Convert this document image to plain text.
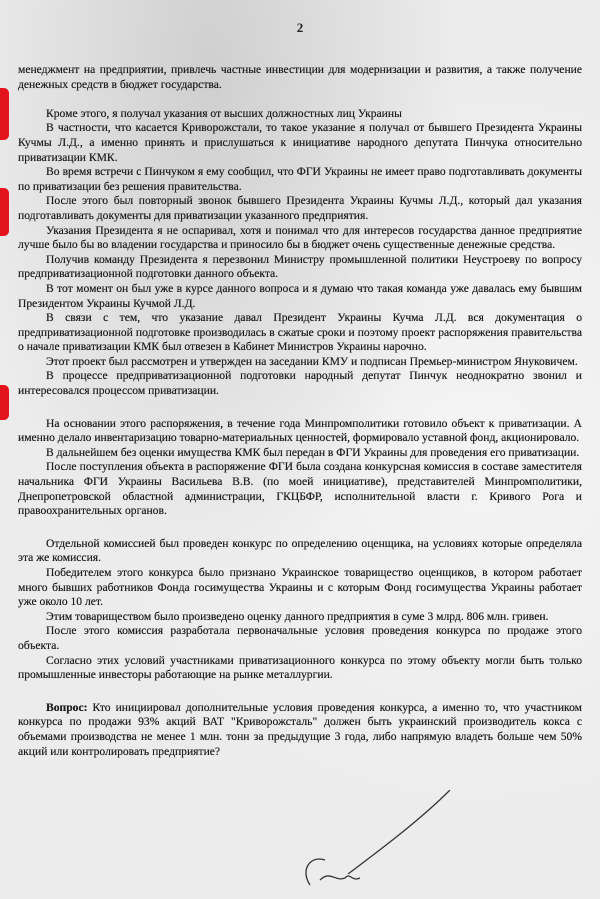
2

менеджмент на предприятии, привлечь частные инвестиции для модернизации и развития, а также получение денежных средств в бюджет государства.

Кроме этого, я получал указания от высших должностных лиц Украины

В частности, что касается Криворожстали, то такое указание я получал от бывшего Президента Украины Кучмы Л.Д., а именно принять и прислушаться к инициативе народного депутата Пинчука относительно приватизации КМК.

Во время встречи с Пинчуком я ему сообщил, что ФГИ Украины не имеет право подготавливать документы по приватизации без решения правительства.

После этого был повторный звонок бывшего Президента Украины Кучмы Л.Д., который дал указания подготавливать документы для приватизации указанного предприятия.

Указания Президента я не оспаривал, хотя и понимал что для интересов государства данное предприятие лучше было бы во владении государства и приносило бы в бюджет очень существенные денежные средства.

Получив команду Президента я перезвонил Министру промышленной политики Неустроеву по вопросу предприватизационной подготовки данного объекта.

В тот момент он был уже в курсе данного вопроса и я думаю что такая команда уже давалась ему бывшим Президентом Украины Кучмой Л.Д.

В связи с тем, что указание давал Президент Украины Кучма Л.Д. вся документация о предприватизационной подготовке производилась в сжатые сроки и поэтому проект распоряжения правительства о начале приватизации КМК был отвезен в Кабинет Министров Украины нарочно.

Этот проект был рассмотрен и утвержден на заседании КМУ и подписан Премьер-министром Януковичем.

В процессе предприватизационной подготовки народный депутат Пинчук неоднократно звонил и интересовался процессом приватизации.

На основании этого распоряжения, в течение года Минпромполитики готовило объект к приватизации. А именно делало инвентаризацию товарно-материальных ценностей, формировало уставной фонд, акционировало.

В дальнейшем без оценки имущества КМК был передан в ФГИ Украины для проведения его приватизации.

После поступления объекта в распоряжение ФГИ была создана конкурсная комиссия в составе заместителя начальника ФГИ Украины Васильева В.В. (по моей инициативе), представителей Минпромполитики, Днепропетровской областной администрации, ГКЦБФР, исполнительной власти г. Кривого Рога и правоохранительных органов.

Отдельной комиссией был проведен конкурс по определению оценщика, на условиях которые определяла эта же комиссия.

Победителем этого конкурса было признано Украинское товарищество оценщиков, в котором работает много бывших работников Фонда госимущества Украины и с которым Фонд госимущества Украины работает уже около 10 лет.

Этим товариществом было произведено оценку данного предприятия в суме 3 млрд. 806 млн. гривен.

После этого комиссия разработала первоначальные условия проведения конкурса по продаже этого объекта.

Согласно этих условий участниками приватизационного конкурса по этому объекту могли быть только промышленные инвесторы работающие на рынке металлургии.

Вопрос: Кто инициировал дополнительные условия проведения конкурса, а именно то, что участником конкурса по продажи 93% акций ВАТ "Криворожсталь" должен быть украинский производитель кокса с объемами производства не менее 1 млн. тонн за предыдущие 3 года, либо напрямую владеть больше чем 50% акций или контролировать предприятие?
